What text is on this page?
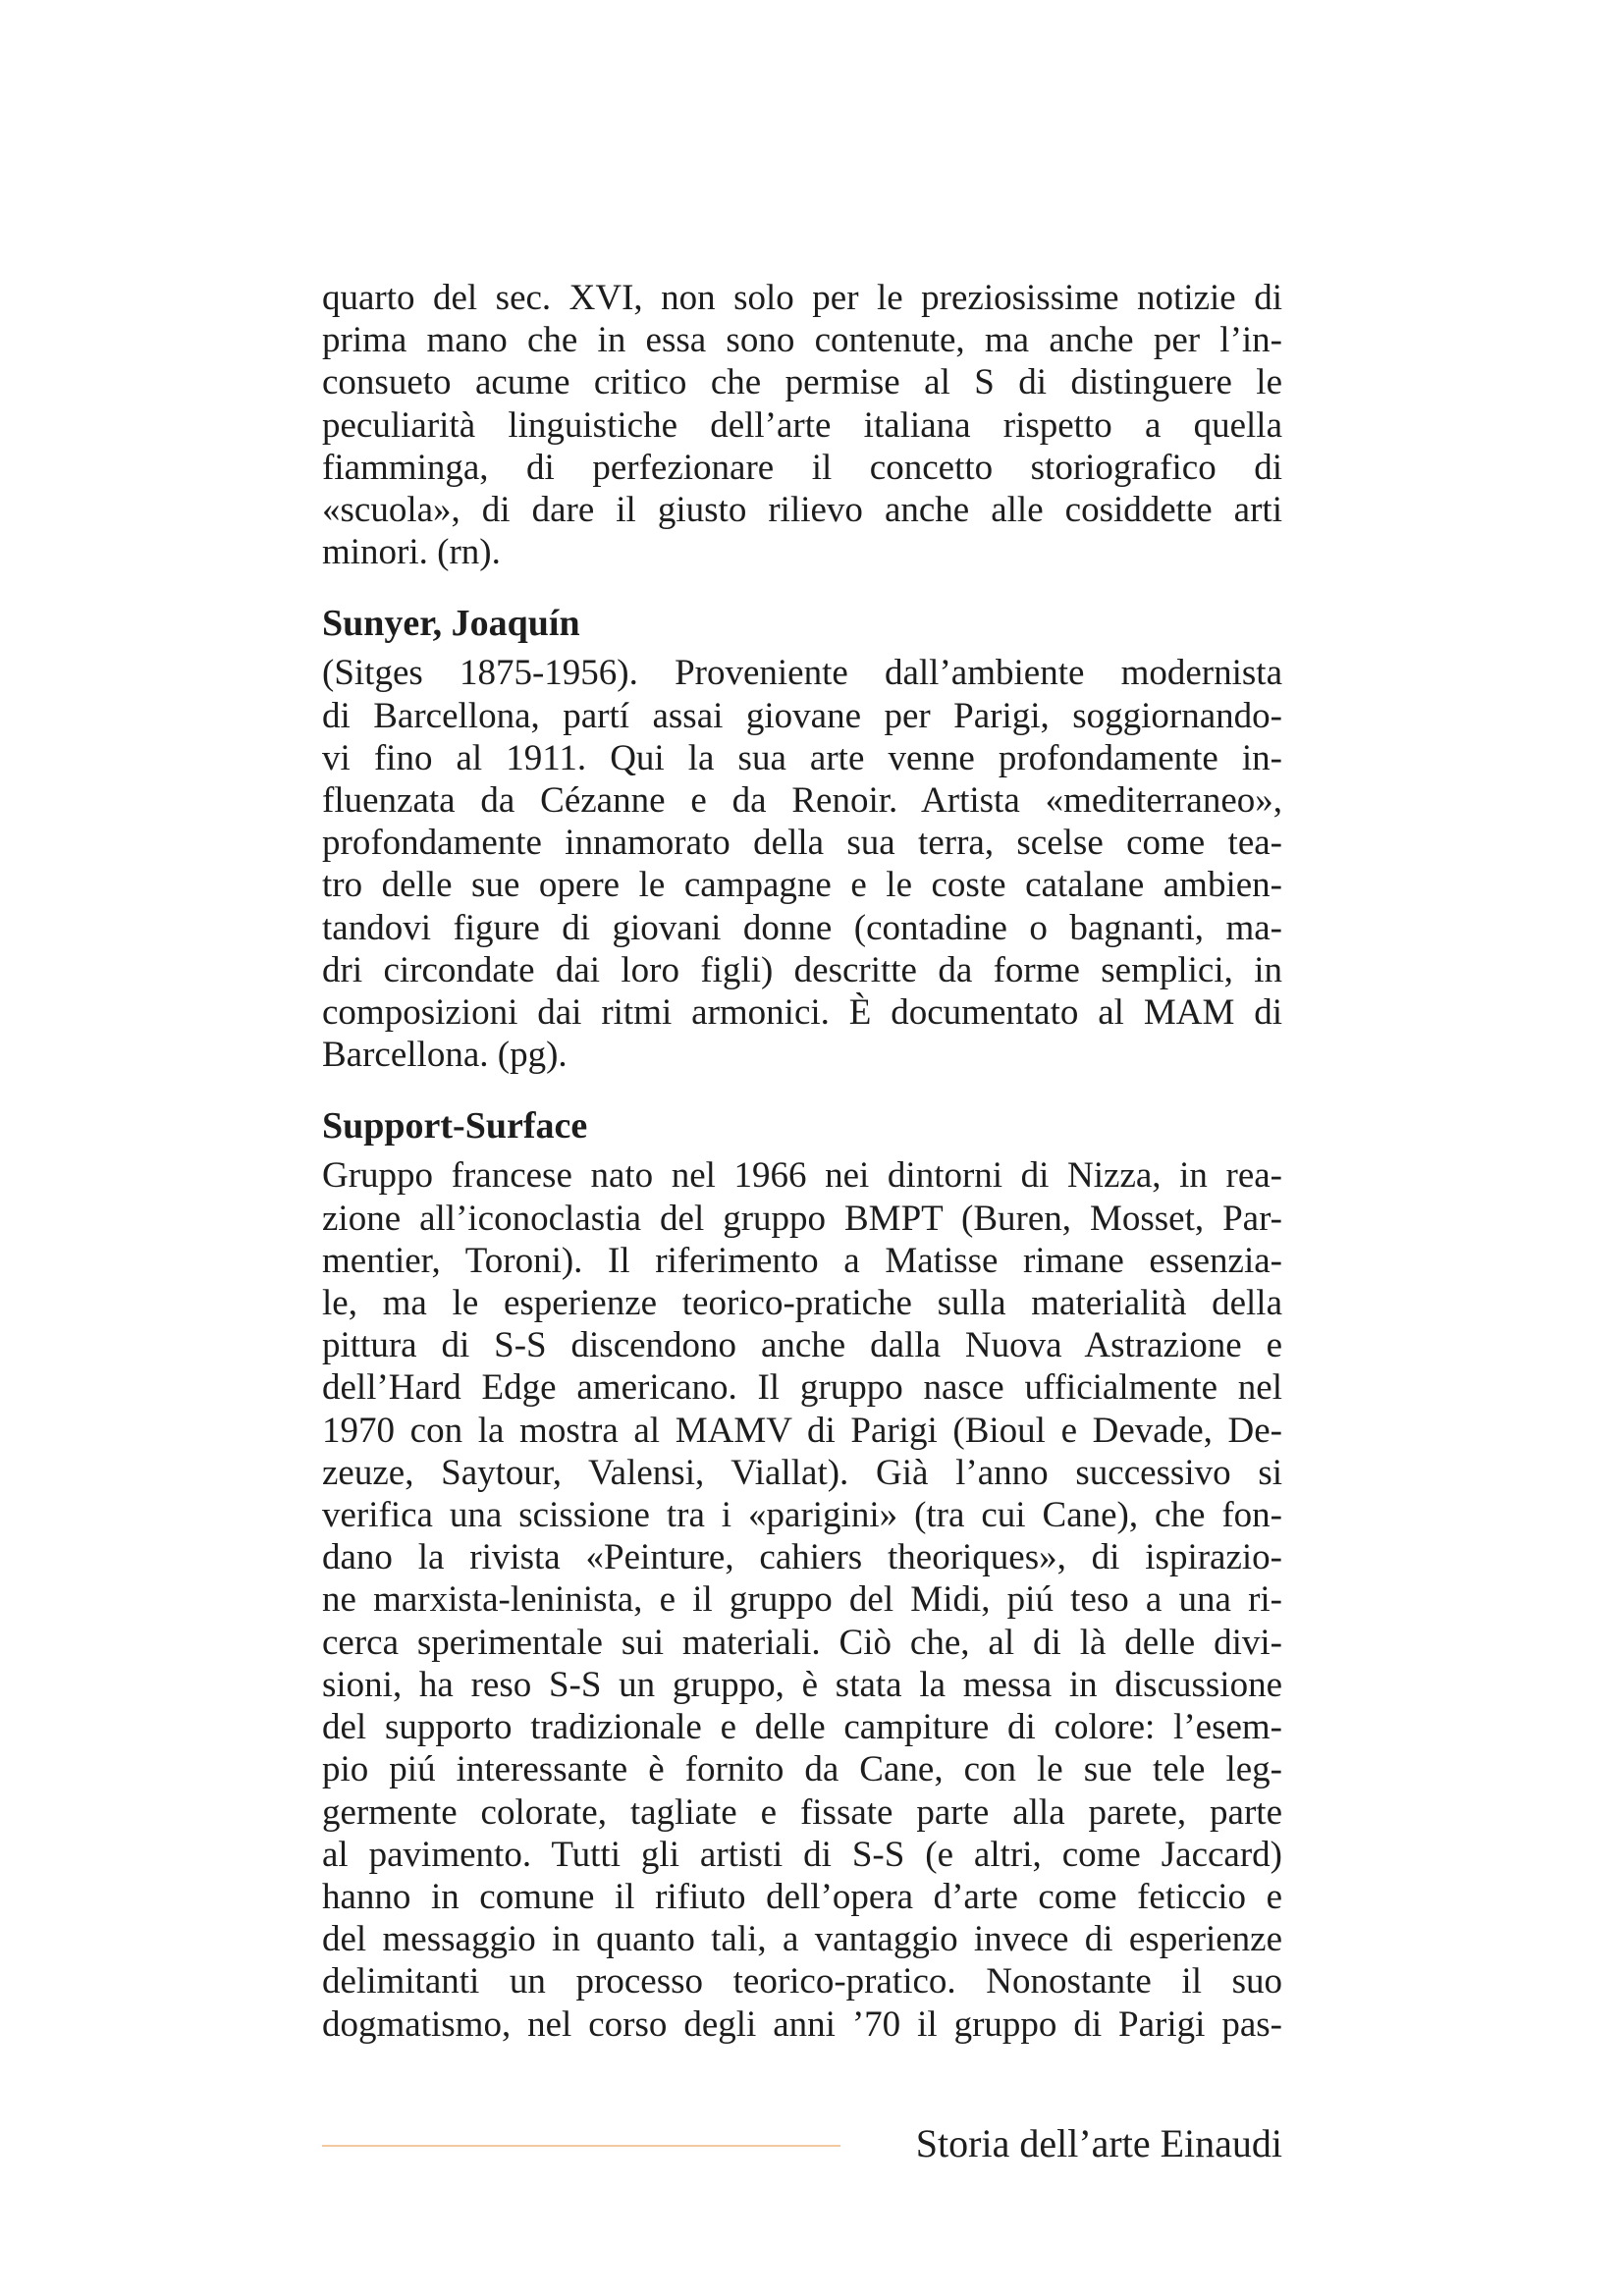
quarto del sec. XVI, non solo per le preziosissime notizie di
prima mano che in essa sono contenute, ma anche per l’in-
consueto acume critico che permise al S di distinguere le
peculiarità linguistiche dell’arte italiana rispetto a quella
fiamminga, di perfezionare il concetto storiografico di
«scuola», di dare il giusto rilievo anche alle cosiddette arti
minori. (rn).
Sunyer, Joaquín
(Sitges 1875-1956). Proveniente dall’ambiente modernista
di Barcellona, partí assai giovane per Parigi, soggiornando-
vi fino al 1911. Qui la sua arte venne profondamente in-
fluenzata da Cézanne e da Renoir. Artista «mediterraneo»,
profondamente innamorato della sua terra, scelse come tea-
tro delle sue opere le campagne e le coste catalane ambien-
tandovi figure di giovani donne (contadine o bagnanti, ma-
dri circondate dai loro figli) descritte da forme semplici, in
composizioni dai ritmi armonici. È documentato al MAM di
Barcellona. (pg).
Support-Surface
Gruppo francese nato nel 1966 nei dintorni di Nizza, in rea-
zione all’iconoclastia del gruppo BMPT (Buren, Mosset, Par-
mentier, Toroni). Il riferimento a Matisse rimane essenzia-
le, ma le esperienze teorico-pratiche sulla materialità della
pittura di S-S discendono anche dalla Nuova Astrazione e
dell’Hard Edge americano. Il gruppo nasce ufficialmente nel
1970 con la mostra al MAMV di Parigi (Bioul e Devade, De-
zeuze, Saytour, Valensi, Viallat). Già l’anno successivo si
verifica una scissione tra i «parigini» (tra cui Cane), che fon-
dano la rivista «Peinture, cahiers theoriques», di ispirazio-
ne marxista-leninista, e il gruppo del Midi, piú teso a una ri-
cerca sperimentale sui materiali. Ciò che, al di là delle divi-
sioni, ha reso S-S un gruppo, è stata la messa in discussione
del supporto tradizionale e delle campiture di colore: l’esem-
pio piú interessante è fornito da Cane, con le sue tele leg-
germente colorate, tagliate e fissate parte alla parete, parte
al pavimento. Tutti gli artisti di S-S (e altri, come Jaccard)
hanno in comune il rifiuto dell’opera d’arte come feticcio e
del messaggio in quanto tali, a vantaggio invece di esperienze
delimitanti un processo teorico-pratico. Nonostante il suo
dogmatismo, nel corso degli anni ’70 il gruppo di Parigi pas-
Storia dell’arte Einaudi
